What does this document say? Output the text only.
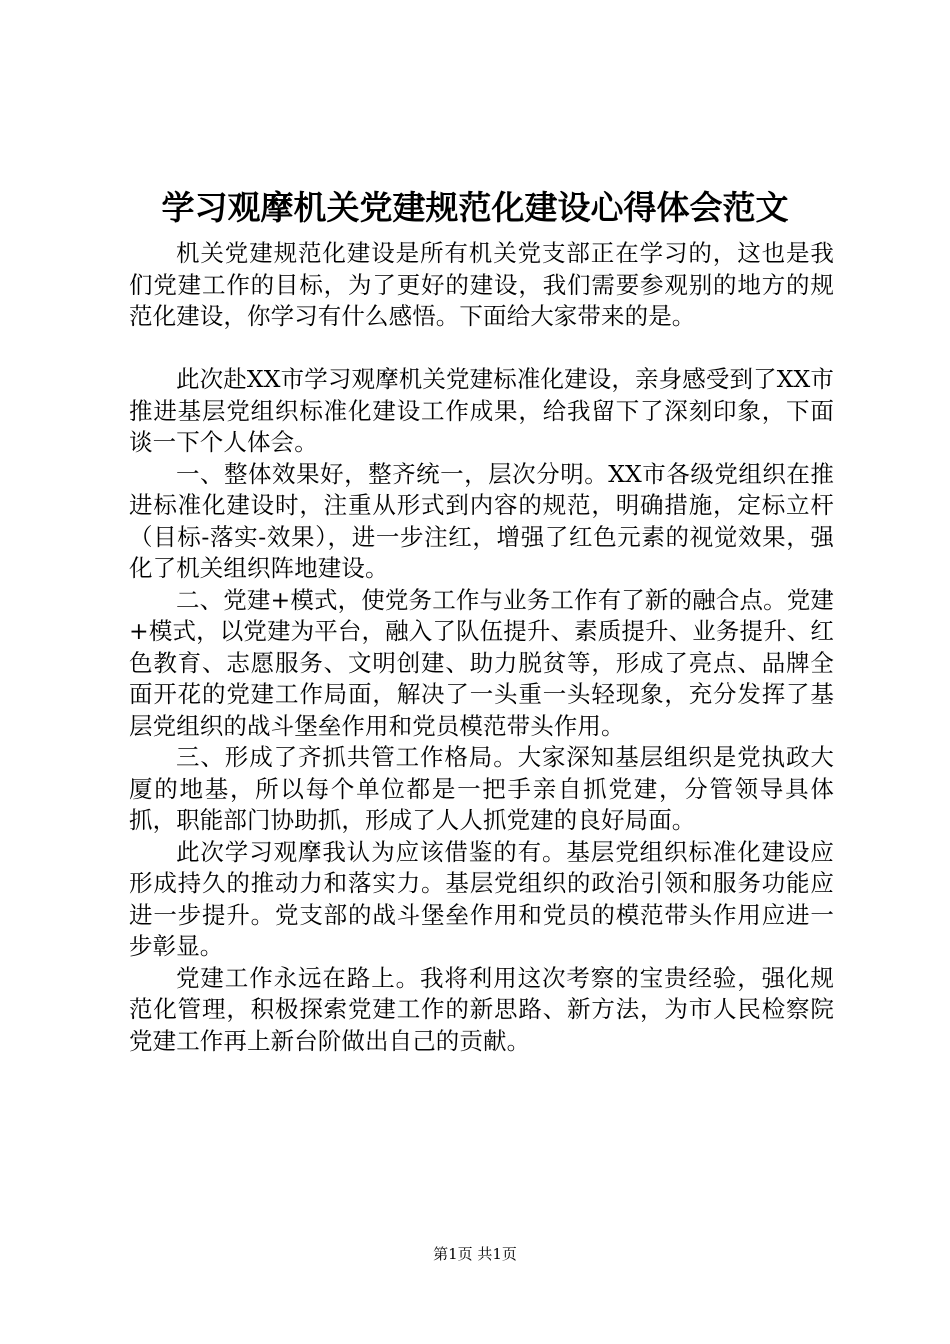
学习观摩机关党建规范化建设心得体会范文

机关党建规范化建设是所有机关党支部正在学习的，这也是我们党建工作的目标，为了更好的建设，我们需要参观别的地方的规范化建设，你学习有什么感悟。下面给大家带来的是。

此次赴XX市学习观摩机关党建标准化建设，亲身感受到了XX市推进基层党组织标准化建设工作成果，给我留下了深刻印象，下面谈一下个人体会。

一、整体效果好，整齐统一，层次分明。XX市各级党组织在推进标准化建设时，注重从形式到内容的规范，明确措施，定标立杆（目标-落实-效果），进一步注红，增强了红色元素的视觉效果，强化了机关组织阵地建设。

二、党建+模式，使党务工作与业务工作有了新的融合点。党建+模式，以党建为平台，融入了队伍提升、素质提升、业务提升、红色教育、志愿服务、文明创建、助力脱贫等，形成了亮点、品牌全面开花的党建工作局面，解决了一头重一头轻现象，充分发挥了基层党组织的战斗堡垒作用和党员模范带头作用。

三、形成了齐抓共管工作格局。大家深知基层组织是党执政大厦的地基，所以每个单位都是一把手亲自抓党建，分管领导具体抓，职能部门协助抓，形成了人人抓党建的良好局面。

此次学习观摩我认为应该借鉴的有。基层党组织标准化建设应形成持久的推动力和落实力。基层党组织的政治引领和服务功能应进一步提升。党支部的战斗堡垒作用和党员的模范带头作用应进一步彰显。

党建工作永远在路上。我将利用这次考察的宝贵经验，强化规范化管理，积极探索党建工作的新思路、新方法，为市人民检察院党建工作再上新台阶做出自己的贡献。

第1页 共1页
